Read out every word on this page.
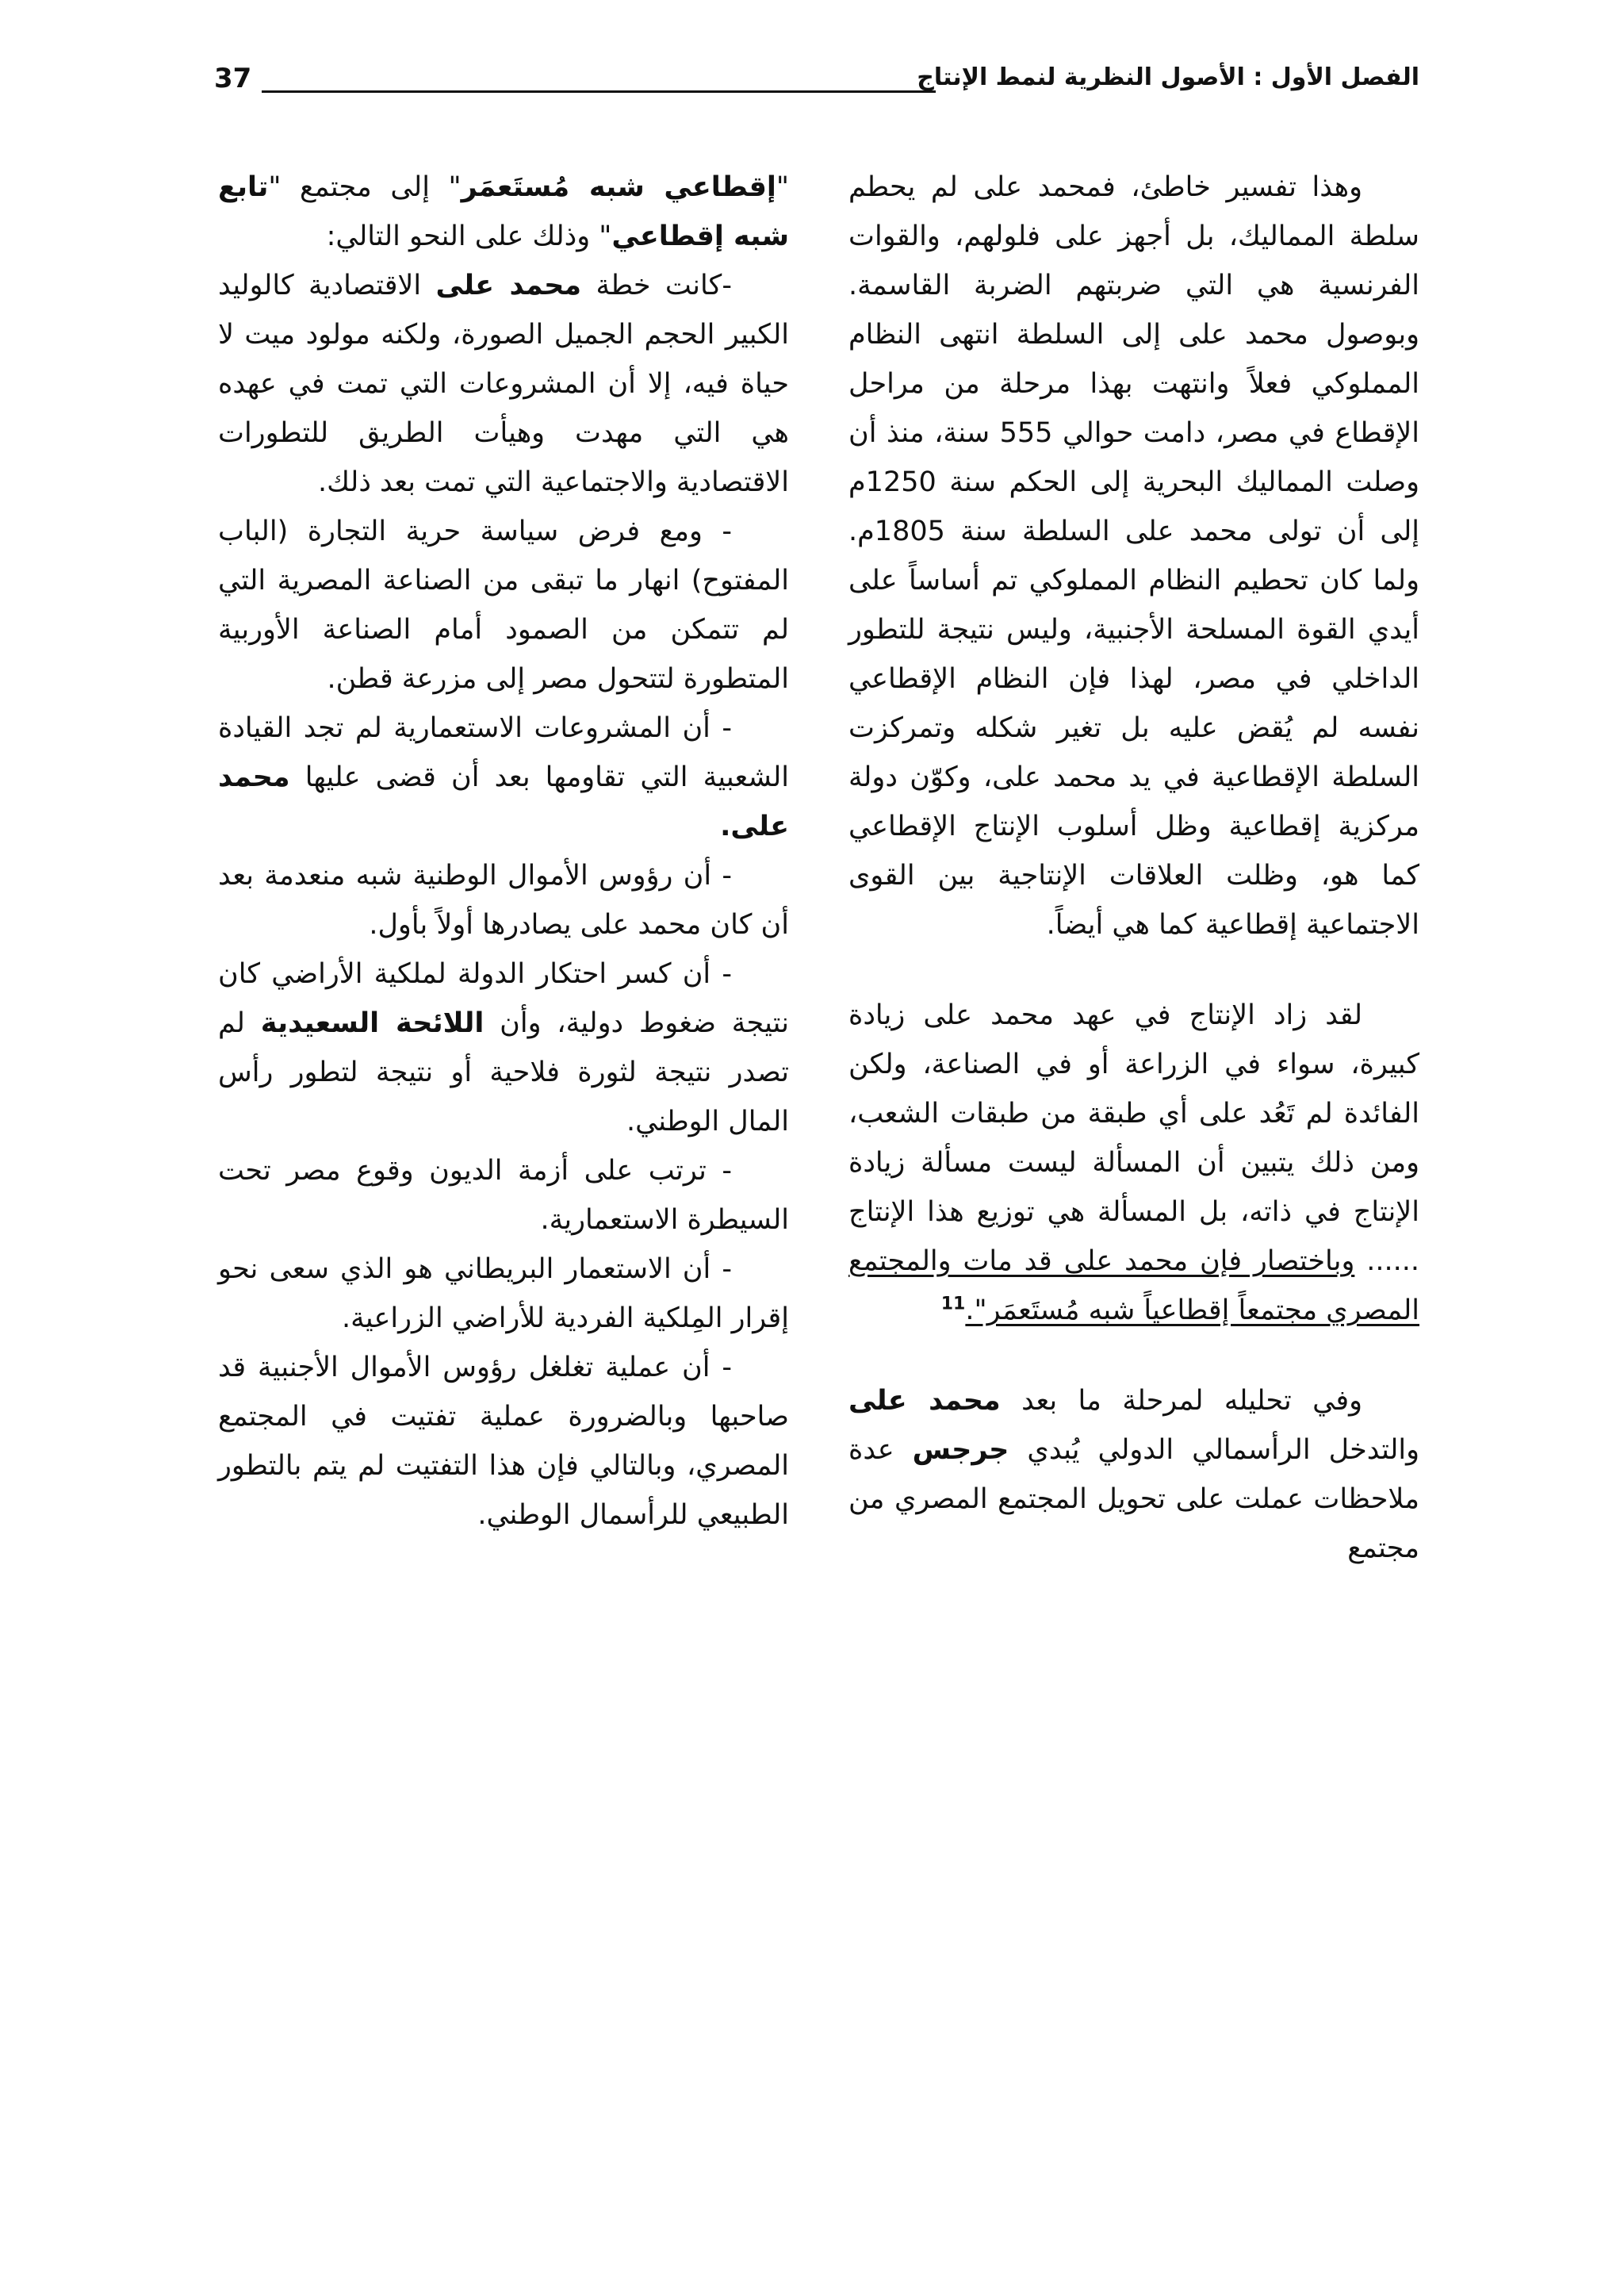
37	الفصل الأول : الأصول النظرية لنمط الإنتاج

وهذا تفسير خاطئ، فمحمد على لم يحطم سلطة المماليك، بل أجهز على فلولهم، والقوات الفرنسية هي التي ضربتهم الضربة القاسمة. وبوصول محمد على إلى السلطة انتهى النظام المملوكي فعلاً وانتهت بهذا مرحلة من مراحل الإقطاع في مصر، دامت حوالي 555 سنة، منذ أن وصلت المماليك البحرية إلى الحكم سنة 1250م إلى أن تولى محمد على السلطة سنة 1805م. ولما كان تحطيم النظام المملوكي تم أساساً على أيدي القوة المسلحة الأجنبية، وليس نتيجة للتطور الداخلي في مصر، لهذا فإن النظام الإقطاعي نفسه لم يُقض عليه بل تغير شكله وتمركزت السلطة الإقطاعية في يد محمد على، وكوّن دولة مركزية إقطاعية وظل أسلوب الإنتاج الإقطاعي كما هو، وظلت العلاقات الإنتاجية بين القوى الاجتماعية إقطاعية كما هي أيضاً.

لقد زاد الإنتاج في عهد محمد على زيادة كبيرة، سواء في الزراعة أو في الصناعة، ولكن الفائدة لم تَعُد على أي طبقة من طبقات الشعب، ومن ذلك يتبين أن المسألة ليست مسألة زيادة الإنتاج في ذاته، بل المسألة هي توزيع هذا الإنتاج ...... وباختصار فإن محمد على قد مات والمجتمع المصري مجتمعاً إقطاعياً شبه مُستَعمَر".$^{11}$

وفي تحليله لمرحلة ما بعد محمد على والتدخل الرأسمالي الدولي يُبدي جرجس عدة ملاحظات عملت على تحويل المجتمع المصري من مجتمع

"إقطاعي شبه مُستَعمَر" إلى مجتمع "تابع شبه إقطاعي" وذلك على النحو التالي:

-كانت خطة محمد على الاقتصادية كالوليد الكبير الحجم الجميل الصورة، ولكنه مولود ميت لا حياة فيه، إلا أن المشروعات التي تمت في عهده هي التي مهدت وهيأت الطريق للتطورات الاقتصادية والاجتماعية التي تمت بعد ذلك.

- ومع فرض سياسة حرية التجارة (الباب المفتوح) انهار ما تبقى من الصناعة المصرية التي لم تتمكن من الصمود أمام الصناعة الأوربية المتطورة لتتحول مصر إلى مزرعة قطن.

- أن المشروعات الاستعمارية لم تجد القيادة الشعبية التي تقاومها بعد أن قضى عليها محمد على.

- أن رؤوس الأموال الوطنية شبه منعدمة بعد أن كان محمد على يصادرها أولاً بأول.

- أن كسر احتكار الدولة لملكية الأراضي كان نتيجة ضغوط دولية، وأن اللائحة السعيدية لم تصدر نتيجة لثورة فلاحية أو نتيجة لتطور رأس المال الوطني.

- ترتب على أزمة الديون وقوع مصر تحت السيطرة الاستعمارية.

- أن الاستعمار البريطاني هو الذي سعى نحو إقرار المِلكية الفردية للأراضي الزراعية.

- أن عملية تغلغل رؤوس الأموال الأجنبية قد صاحبها وبالضرورة عملية تفتيت في المجتمع المصري، وبالتالي فإن هذا التفتيت لم يتم بالتطور الطبيعي للرأسمال الوطني.
